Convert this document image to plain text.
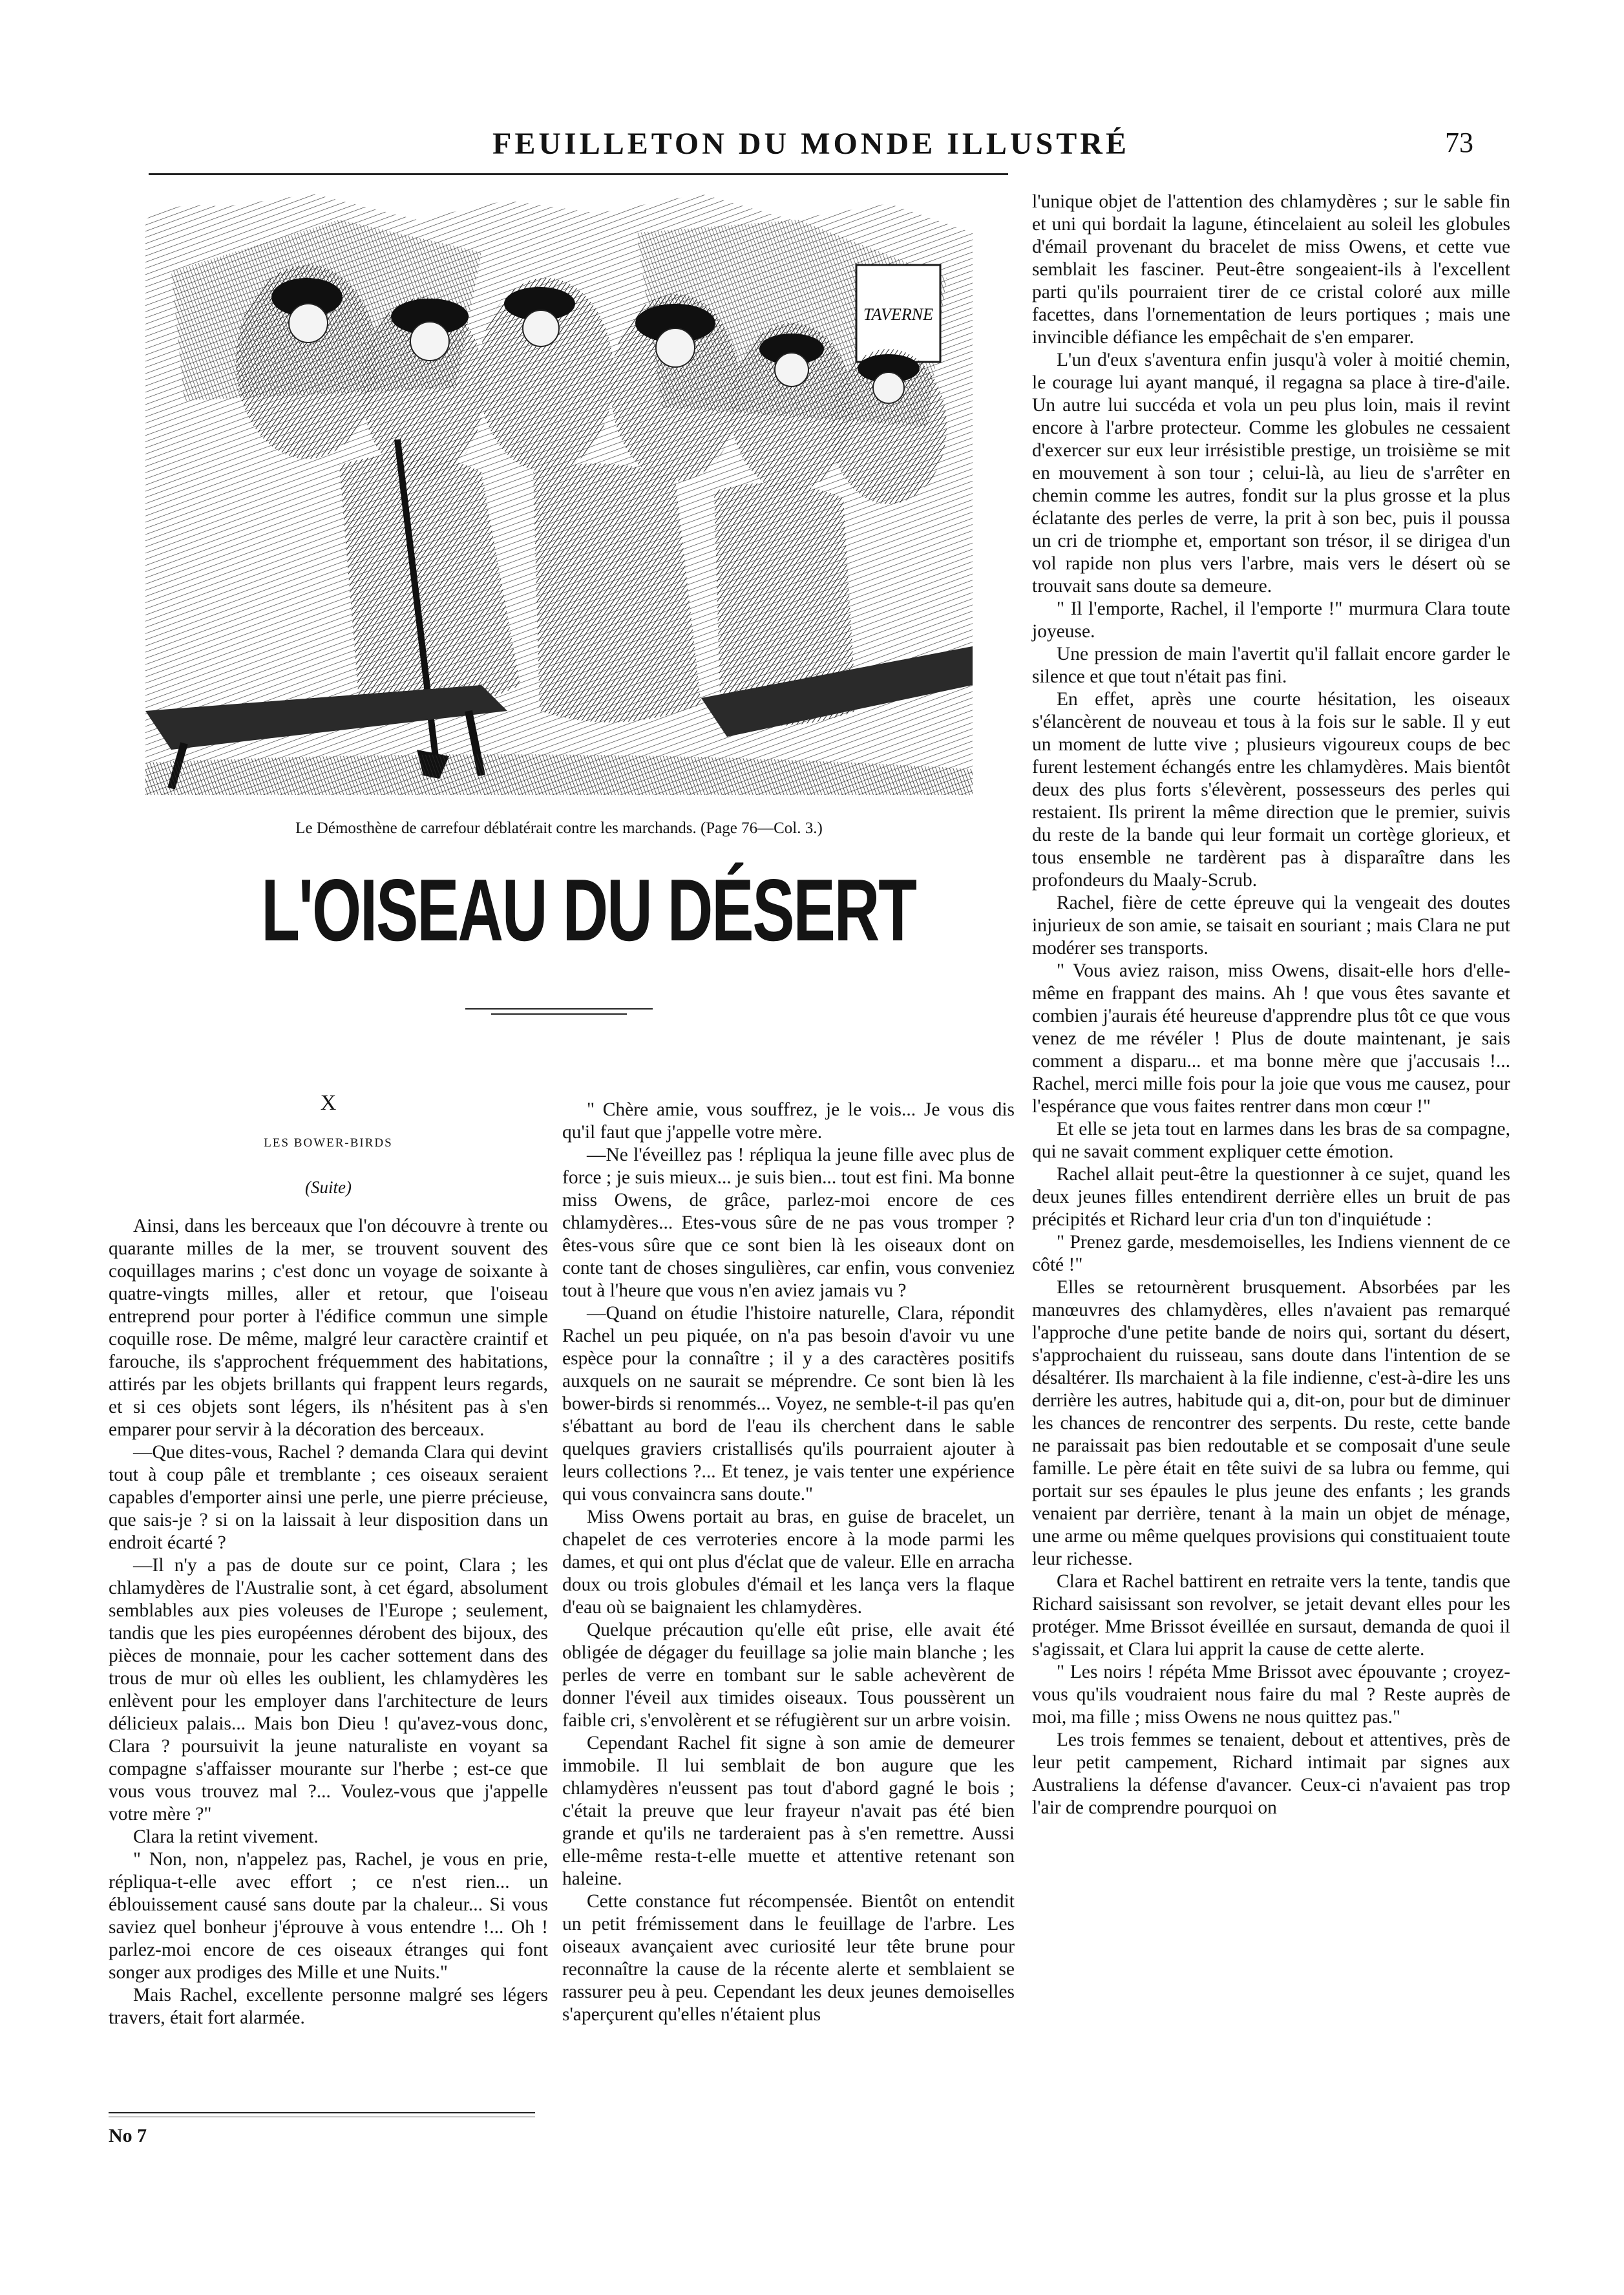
FEUILLETON DU MONDE ILLUSTRÉ	73
TAVERNE
Le Démosthène de carrefour déblatérait contre les marchands. (Page 76—Col. 3.)
L'OISEAU DU DÉSERT
X
LES BOWER-BIRDS
(Suite)

Ainsi, dans les berceaux que l'on découvre à trente ou quarante milles de la mer, se trouvent souvent des coquillages marins ; c'est donc un voyage de soixante à quatre-vingts milles, aller et retour, que l'oiseau entreprend pour porter à l'édifice commun une simple coquille rose. De même, malgré leur caractère craintif et farouche, ils s'approchent fréquemment des habitations, attirés par les objets brillants qui frappent leurs regards, et si ces objets sont légers, ils n'hésitent pas à s'en emparer pour servir à la décoration des berceaux.

—Que dites-vous, Rachel ? demanda Clara qui devint tout à coup pâle et tremblante ; ces oiseaux seraient capables d'emporter ainsi une perle, une pierre précieuse, que sais-je ? si on la laissait à leur disposition dans un endroit écarté ?

—Il n'y a pas de doute sur ce point, Clara ; les chlamydères de l'Australie sont, à cet égard, absolument semblables aux pies voleuses de l'Europe ; seulement, tandis que les pies européennes dérobent des bijoux, des pièces de monnaie, pour les cacher sottement dans des trous de mur où elles les oublient, les chlamydères les enlèvent pour les employer dans l'architecture de leurs délicieux palais... Mais bon Dieu ! qu'avez-vous donc, Clara ? poursuivit la jeune naturaliste en voyant sa compagne s'affaisser mourante sur l'herbe ; est-ce que vous vous trouvez mal ?... Voulez-vous que j'appelle votre mère ?"

Clara la retint vivement.

" Non, non, n'appelez pas, Rachel, je vous en prie, répliqua-t-elle avec effort ; ce n'est rien... un éblouissement causé sans doute par la chaleur... Si vous saviez quel bonheur j'éprouve à vous entendre !... Oh ! parlez-moi encore de ces oiseaux étranges qui font songer aux prodiges des Mille et une Nuits."

Mais Rachel, excellente personne malgré ses légers travers, était fort alarmée.

" Chère amie, vous souffrez, je le vois... Je vous dis qu'il faut que j'appelle votre mère.

—Ne l'éveillez pas ! répliqua la jeune fille avec plus de force ; je suis mieux... je suis bien... tout est fini. Ma bonne miss Owens, de grâce, parlez-moi encore de ces chlamydères... Etes-vous sûre de ne pas vous tromper ? êtes-vous sûre que ce sont bien là les oiseaux dont on conte tant de choses singulières, car enfin, vous conveniez tout à l'heure que vous n'en aviez jamais vu ?

—Quand on étudie l'histoire naturelle, Clara, répondit Rachel un peu piquée, on n'a pas besoin d'avoir vu une espèce pour la connaître ; il y a des caractères positifs auxquels on ne saurait se méprendre. Ce sont bien là les bower-birds si renommés... Voyez, ne semble-t-il pas qu'en s'ébattant au bord de l'eau ils cherchent dans le sable quelques graviers cristallisés qu'ils pourraient ajouter à leurs collections ?... Et tenez, je vais tenter une expérience qui vous convaincra sans doute."

Miss Owens portait au bras, en guise de bracelet, un chapelet de ces verroteries encore à la mode parmi les dames, et qui ont plus d'éclat que de valeur. Elle en arracha doux ou trois globules d'émail et les lança vers la flaque d'eau où se baignaient les chlamydères.

Quelque précaution qu'elle eût prise, elle avait été obligée de dégager du feuillage sa jolie main blanche ; les perles de verre en tombant sur le sable achevèrent de donner l'éveil aux timides oiseaux. Tous poussèrent un faible cri, s'envolèrent et se réfugièrent sur un arbre voisin.

Cependant Rachel fit signe à son amie de demeurer immobile. Il lui semblait de bon augure que les chlamydères n'eussent pas tout d'abord gagné le bois ; c'était la preuve que leur frayeur n'avait pas été bien grande et qu'ils ne tarderaient pas à s'en remettre. Aussi elle-même resta-t-elle muette et attentive retenant son haleine.

Cette constance fut récompensée. Bientôt on entendit un petit frémissement dans le feuillage de l'arbre. Les oiseaux avançaient avec curiosité leur tête brune pour reconnaître la cause de la récente alerte et semblaient se rassurer peu à peu. Cependant les deux jeunes demoiselles s'aperçurent qu'elles n'étaient plus

l'unique objet de l'attention des chlamydères ; sur le sable fin et uni qui bordait la lagune, étincelaient au soleil les globules d'émail provenant du bracelet de miss Owens, et cette vue semblait les fasciner. Peut-être songeaient-ils à l'excellent parti qu'ils pourraient tirer de ce cristal coloré aux mille facettes, dans l'ornementation de leurs portiques ; mais une invincible défiance les empêchait de s'en emparer.

L'un d'eux s'aventura enfin jusqu'à voler à moitié chemin, le courage lui ayant manqué, il regagna sa place à tire-d'aile. Un autre lui succéda et vola un peu plus loin, mais il revint encore à l'arbre protecteur. Comme les globules ne cessaient d'exercer sur eux leur irrésistible prestige, un troisième se mit en mouvement à son tour ; celui-là, au lieu de s'arrêter en chemin comme les autres, fondit sur la plus grosse et la plus éclatante des perles de verre, la prit à son bec, puis il poussa un cri de triomphe et, emportant son trésor, il se dirigea d'un vol rapide non plus vers l'arbre, mais vers le désert où se trouvait sans doute sa demeure.

" Il l'emporte, Rachel, il l'emporte !" murmura Clara toute joyeuse.

Une pression de main l'avertit qu'il fallait encore garder le silence et que tout n'était pas fini.

En effet, après une courte hésitation, les oiseaux s'élancèrent de nouveau et tous à la fois sur le sable. Il y eut un moment de lutte vive ; plusieurs vigoureux coups de bec furent lestement échangés entre les chlamydères. Mais bientôt deux des plus forts s'élevèrent, possesseurs des perles qui restaient. Ils prirent la même direction que le premier, suivis du reste de la bande qui leur formait un cortège glorieux, et tous ensemble ne tardèrent pas à disparaître dans les profondeurs du Maaly-Scrub.

Rachel, fière de cette épreuve qui la vengeait des doutes injurieux de son amie, se taisait en souriant ; mais Clara ne put modérer ses transports.

" Vous aviez raison, miss Owens, disait-elle hors d'elle-même en frappant des mains. Ah ! que vous êtes savante et combien j'aurais été heureuse d'apprendre plus tôt ce que vous venez de me révéler ! Plus de doute maintenant, je sais comment a disparu... et ma bonne mère que j'accusais !... Rachel, merci mille fois pour la joie que vous me causez, pour l'espérance que vous faites rentrer dans mon cœur !"

Et elle se jeta tout en larmes dans les bras de sa compagne, qui ne savait comment expliquer cette émotion.

Rachel allait peut-être la questionner à ce sujet, quand les deux jeunes filles entendirent derrière elles un bruit de pas précipités et Richard leur cria d'un ton d'inquiétude :

" Prenez garde, mesdemoiselles, les Indiens viennent de ce côté !"

Elles se retournèrent brusquement. Absorbées par les manœuvres des chlamydères, elles n'avaient pas remarqué l'approche d'une petite bande de noirs qui, sortant du désert, s'approchaient du ruisseau, sans doute dans l'intention de se désaltérer. Ils marchaient à la file indienne, c'est-à-dire les uns derrière les autres, habitude qui a, dit-on, pour but de diminuer les chances de rencontrer des serpents. Du reste, cette bande ne paraissait pas bien redoutable et se composait d'une seule famille. Le père était en tête suivi de sa lubra ou femme, qui portait sur ses épaules le plus jeune des enfants ; les grands venaient par derrière, tenant à la main un objet de ménage, une arme ou même quelques provisions qui constituaient toute leur richesse.

Clara et Rachel battirent en retraite vers la tente, tandis que Richard saisissant son revolver, se jetait devant elles pour les protéger. Mme Brissot éveillée en sursaut, demanda de quoi il s'agissait, et Clara lui apprit la cause de cette alerte.

" Les noirs ! répéta Mme Brissot avec épouvante ; croyez-vous qu'ils voudraient nous faire du mal ? Reste auprès de moi, ma fille ; miss Owens ne nous quittez pas."

Les trois femmes se tenaient, debout et attentives, près de leur petit campement, Richard intimait par signes aux Australiens la défense d'avancer. Ceux-ci n'avaient pas trop l'air de comprendre pourquoi on

No 7
